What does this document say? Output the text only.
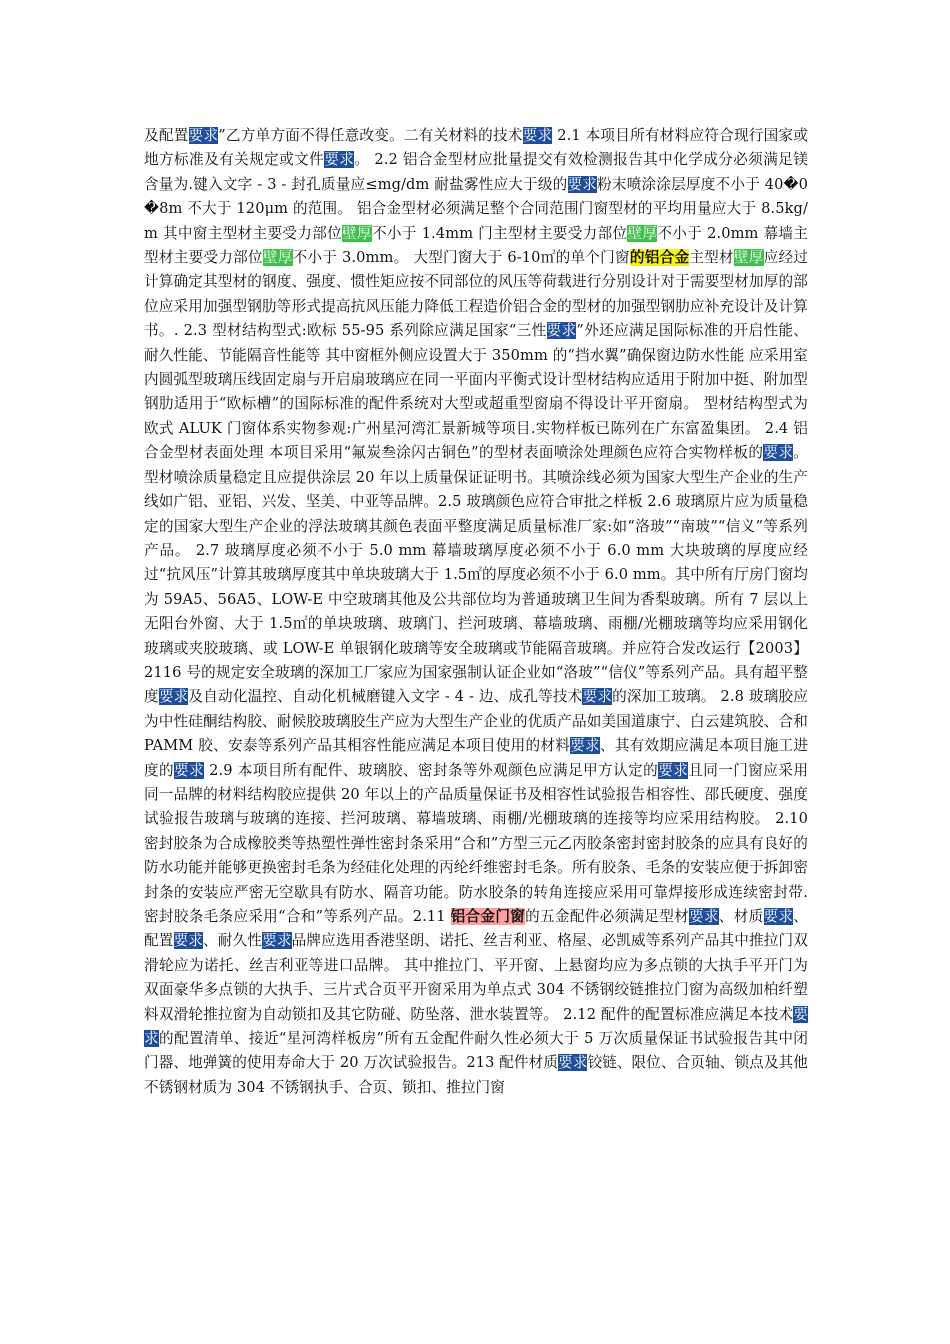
及配置要求”乙方单方面不得任意改变。二有关材料的技术要求 2.1 本项目所有材料应符合现行国家或地方标准及有关规定或文件要求。 2.2 铝合金型材应批量提交有效检测报告其中化学成分必须满足镁含量为.键入文字 - 3 - 封孔质量应≤mg/dm 耐盐雾性应大于级的要求粉末喷涂涂层厚度不小于 40�0�8m 不大于 120μm 的范围。 铝合金型材必须满足整个合同范围门窗型材的平均用量应大于 8.5kg/m 其中窗主型材主要受力部位壁厚不小于 1.4mm 门主型材主要受力部位壁厚不小于 2.0mm 幕墙主型材主要受力部位壁厚不小于 3.0mm。 大型门窗大于 6-10㎡的单个门窗的铝合金主型材壁厚应经过计算确定其型材的钢度、强度、惯性矩应按不同部位的风压等荷载进行分别设计对于需要型材加厚的部位应采用加强型钢肋等形式提高抗风压能力降低工程造价铝合金的型材的加强型钢肋应补充设计及计算书。. 2.3 型材结构型式:欧标 55-95 系列除应满足国家“三性要求”外还应满足国际标准的开启性能、耐久性能、节能隔音性能等 其中窗框外侧应设置大于 350mm 的“挡水翼”确保窗边防水性能 应采用室内圆弧型玻璃压线固定扇与开启扇玻璃应在同一平面内平衡式设计型材结构应适用于附加中挺、附加型钢肋适用于“欧标槽”的国际标准的配件系统对大型或超重型窗扇不得设计平开窗扇。 型材结构型式为欧式 ALUK 门窗体系实物参观:广州星河湾汇景新城等项目.实物样板已陈列在广东富盈集团。 2.4 铝合金型材表面处理 本项目采用“氟炭叁涂闪古铜色”的型材表面喷涂处理颜色应符合实物样板的要求。 型材喷涂质量稳定且应提供涂层 20 年以上质量保证证明书。其喷涂线必须为国家大型生产企业的生产线如广铝、亚铝、兴发、坚美、中亚等品牌。2.5 玻璃颜色应符合审批之样板 2.6 玻璃原片应为质量稳定的国家大型生产企业的浮法玻璃其颜色表面平整度满足质量标准厂家:如“洛玻”“南玻”“信义”等系列产品。 2.7 玻璃厚度必须不小于 5.0 mm 幕墙玻璃厚度必须不小于 6.0 mm 大块玻璃的厚度应经过“抗风压”计算其玻璃厚度其中单块玻璃大于 1.5㎡的厚度必须不小于 6.0 mm。其中所有厅房门窗均为 59A5、56A5、LOW-E 中空玻璃其他及公共部位均为普通玻璃卫生间为香梨玻璃。所有 7 层以上无阳台外窗、大于 1.5㎡的单块玻璃、玻璃门、拦河玻璃、幕墙玻璃、雨棚/光棚玻璃等均应采用钢化玻璃或夹胶玻璃、或 LOW-E 单银钢化玻璃等安全玻璃或节能隔音玻璃。并应符合发改运行【2003】2116 号的规定安全玻璃的深加工厂家应为国家强制认证企业如“洛玻”“信仪”等系列产品。具有超平整度要求及自动化温控、自动化机械磨键入文字 - 4 - 边、成孔等技术要求的深加工玻璃。 2.8 玻璃胶应为中性硅酮结构胶、耐候胶玻璃胶生产应为大型生产企业的优质产品如美国道康宁、白云建筑胶、合和 PAMM 胶、安泰等系列产品其相容性能应满足本项目使用的材料要求、其有效期应满足本项目施工进度的要求 2.9 本项目所有配件、玻璃胶、密封条等外观颜色应满足甲方认定的要求且同一门窗应采用同一品牌的材料结构胶应提供 20 年以上的产品质量保证书及相容性试验报告相容性、邵氏硬度、强度试验报告玻璃与玻璃的连接、拦河玻璃、幕墙玻璃、雨棚/光棚玻璃的连接等均应采用结构胶。 2.10 密封胶条为合成橡胶类等热塑性弹性密封条采用“合和”方型三元乙丙胶条密封密封胶条的应具有良好的防水功能并能够更换密封毛条为经硅化处理的丙纶纤维密封毛条。所有胶条、毛条的安装应便于拆卸密封条的安装应严密无空歇具有防水、隔音功能。防水胶条的转角连接应采用可靠焊接形成连续密封带. 密封胶条毛条应采用“合和”等系列产品。2.11 铝合金门窗的五金配件必须满足型材要求、材质要求、配置要求、耐久性要求品牌应选用香港坚朗、诺托、丝吉利亚、格屋、必凯威等系列产品其中推拉门双滑轮应为诺托、丝吉利亚等进口品牌。 其中推拉门、平开窗、上悬窗均应为多点锁的大执手平开门为双面豪华多点锁的大执手、三片式合页平开窗采用为单点式 304 不锈钢绞链推拉门窗为高级加柏纤塑料双滑轮推拉窗为自动锁扣及其它防碰、防坠落、泄水装置等。 2.12 配件的配置标准应满足本技术要求的配置清单、接近“星河湾样板房”所有五金配件耐久性必须大于 5 万次质量保证书试验报告其中闭门器、地弹簧的使用寿命大于 20 万次试验报告。213 配件材质要求铰链、限位、合页轴、锁点及其他不锈钢材质为 304 不锈钢执手、合页、锁扣、推拉门窗
